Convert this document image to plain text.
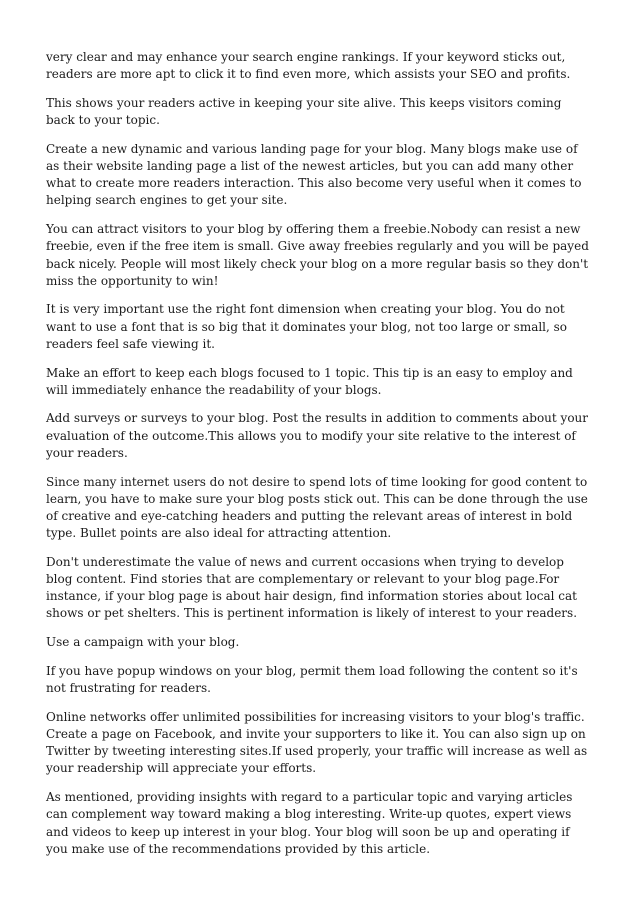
very clear and may enhance your search engine rankings. If your keyword sticks out, readers are more apt to click it to find even more, which assists your SEO and profits.

This shows your readers active in keeping your site alive. This keeps visitors coming back to your topic.

Create a new dynamic and various landing page for your blog. Many blogs make use of as their website landing page a list of the newest articles, but you can add many other what to create more readers interaction. This also become very useful when it comes to helping search engines to get your site.

You can attract visitors to your blog by offering them a freebie.Nobody can resist a new freebie, even if the free item is small. Give away freebies regularly and you will be payed back nicely. People will most likely check your blog on a more regular basis so they don't miss the opportunity to win!

It is very important use the right font dimension when creating your blog. You do not want to use a font that is so big that it dominates your blog, not too large or small, so readers feel safe viewing it.

Make an effort to keep each blogs focused to 1 topic. This tip is an easy to employ and will immediately enhance the readability of your blogs.

Add surveys or surveys to your blog. Post the results in addition to comments about your evaluation of the outcome.This allows you to modify your site relative to the interest of your readers.

Since many internet users do not desire to spend lots of time looking for good content to learn, you have to make sure your blog posts stick out. This can be done through the use of creative and eye-catching headers and putting the relevant areas of interest in bold type. Bullet points are also ideal for attracting attention.

Don't underestimate the value of news and current occasions when trying to develop blog content. Find stories that are complementary or relevant to your blog page.For instance, if your blog page is about hair design, find information stories about local cat shows or pet shelters. This is pertinent information is likely of interest to your readers.

Use a campaign with your blog.

If you have popup windows on your blog, permit them load following the content so it's not frustrating for readers.

Online networks offer unlimited possibilities for increasing visitors to your blog's traffic. Create a page on Facebook, and invite your supporters to like it. You can also sign up on Twitter by tweeting interesting sites.If used properly, your traffic will increase as well as your readership will appreciate your efforts.

As mentioned, providing insights with regard to a particular topic and varying articles can complement way toward making a blog interesting. Write-up quotes, expert views and videos to keep up interest in your blog. Your blog will soon be up and operating if you make use of the recommendations provided by this article.
